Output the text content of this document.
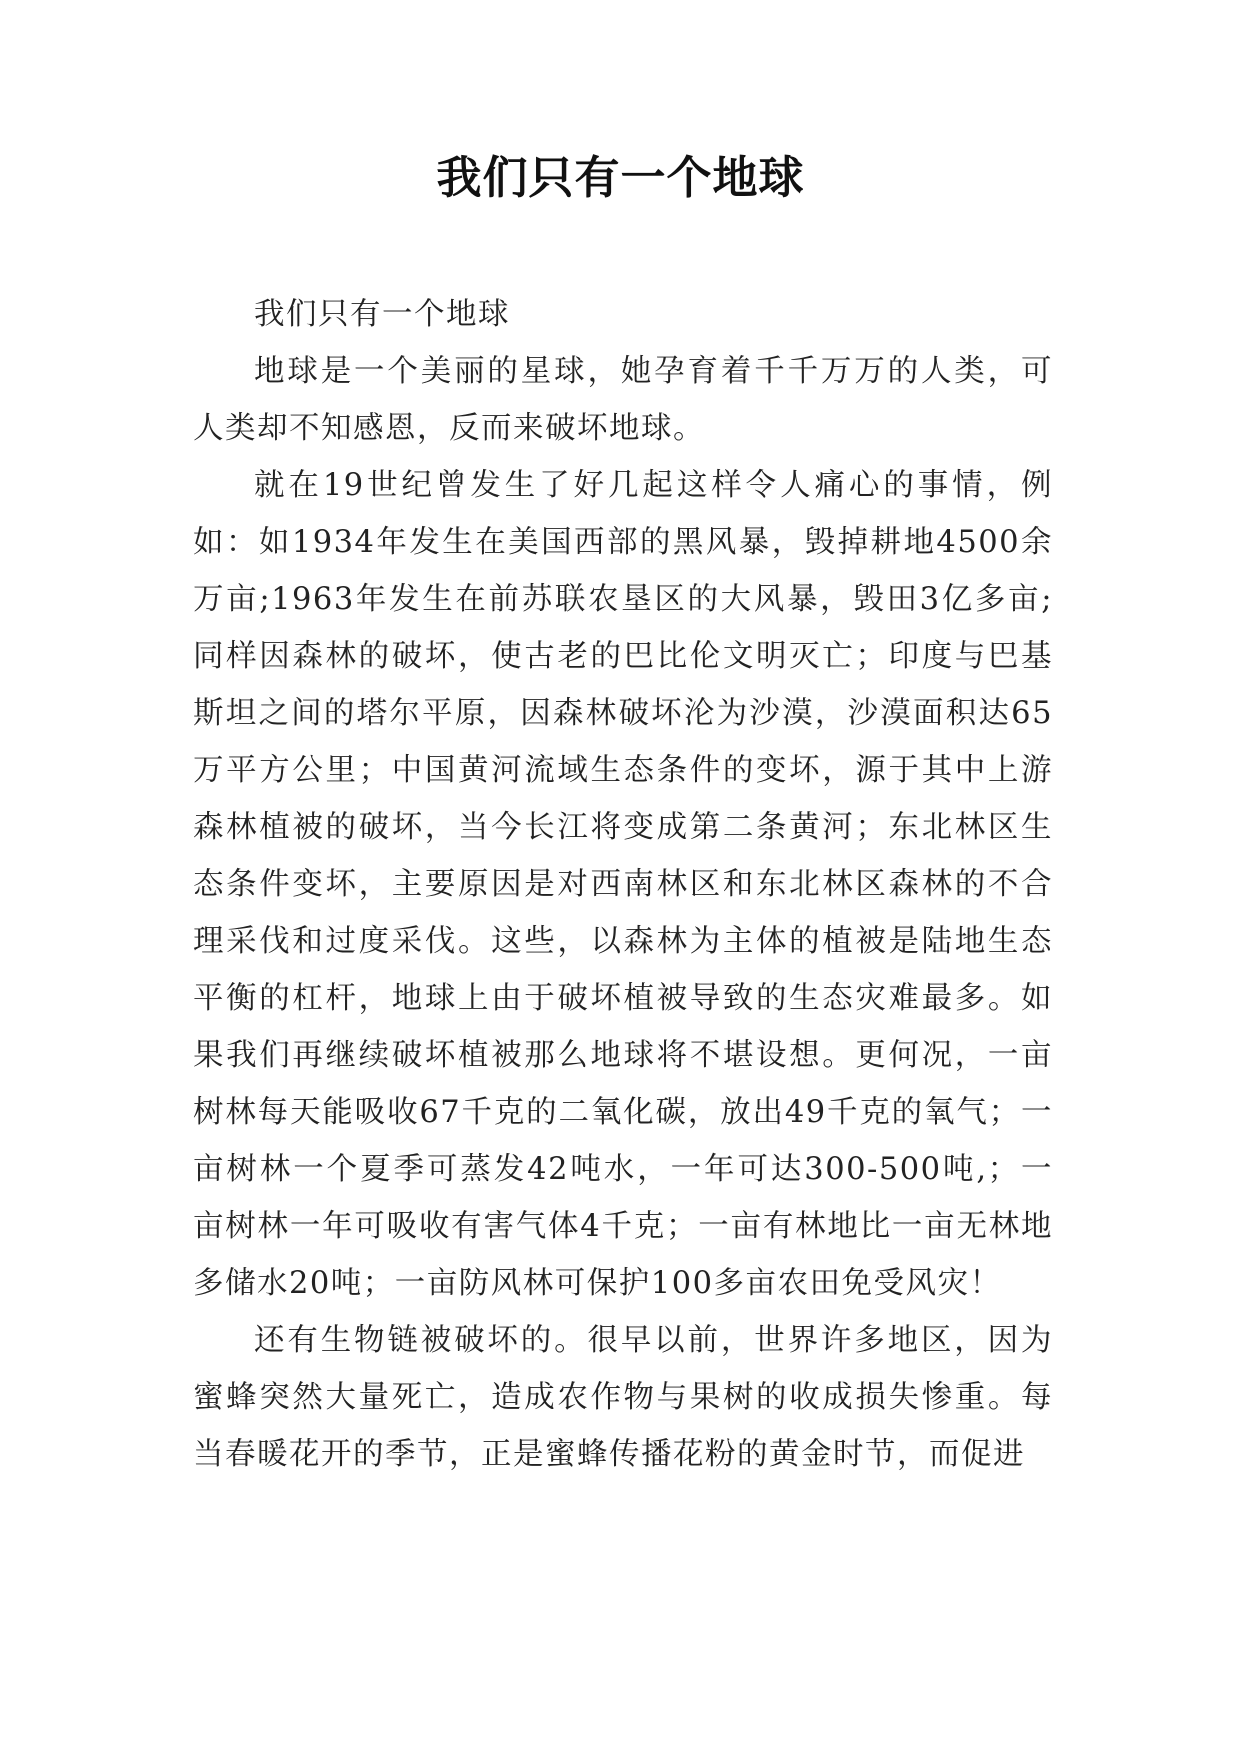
我们只有一个地球

我们只有一个地球

地球是一个美丽的星球，她孕育着千千万万的人类，可人类却不知感恩，反而来破坏地球。

就在19世纪曾发生了好几起这样令人痛心的事情，例如：如1934年发生在美国西部的黑风暴，毁掉耕地4500余万亩;1963年发生在前苏联农垦区的大风暴，毁田3亿多亩;同样因森林的破坏，使古老的巴比伦文明灭亡；印度与巴基斯坦之间的塔尔平原，因森林破坏沦为沙漠，沙漠面积达65万平方公里；中国黄河流域生态条件的变坏，源于其中上游森林植被的破坏，当今长江将变成第二条黄河；东北林区生态条件变坏，主要原因是对西南林区和东北林区森林的不合理采伐和过度采伐。这些，以森林为主体的植被是陆地生态平衡的杠杆，地球上由于破坏植被导致的生态灾难最多。如果我们再继续破坏植被那么地球将不堪设想。更何况，一亩树林每天能吸收67千克的二氧化碳，放出49千克的氧气；一亩树林一个夏季可蒸发42吨水，一年可达300-500吨,；一亩树林一年可吸收有害气体4千克；一亩有林地比一亩无林地多储水20吨；一亩防风林可保护100多亩农田免受风灾！

还有生物链被破坏的。很早以前，世界许多地区，因为蜜蜂突然大量死亡，造成农作物与果树的收成损失惨重。每当春暖花开的季节，正是蜜蜂传播花粉的黄金时节，而促进
